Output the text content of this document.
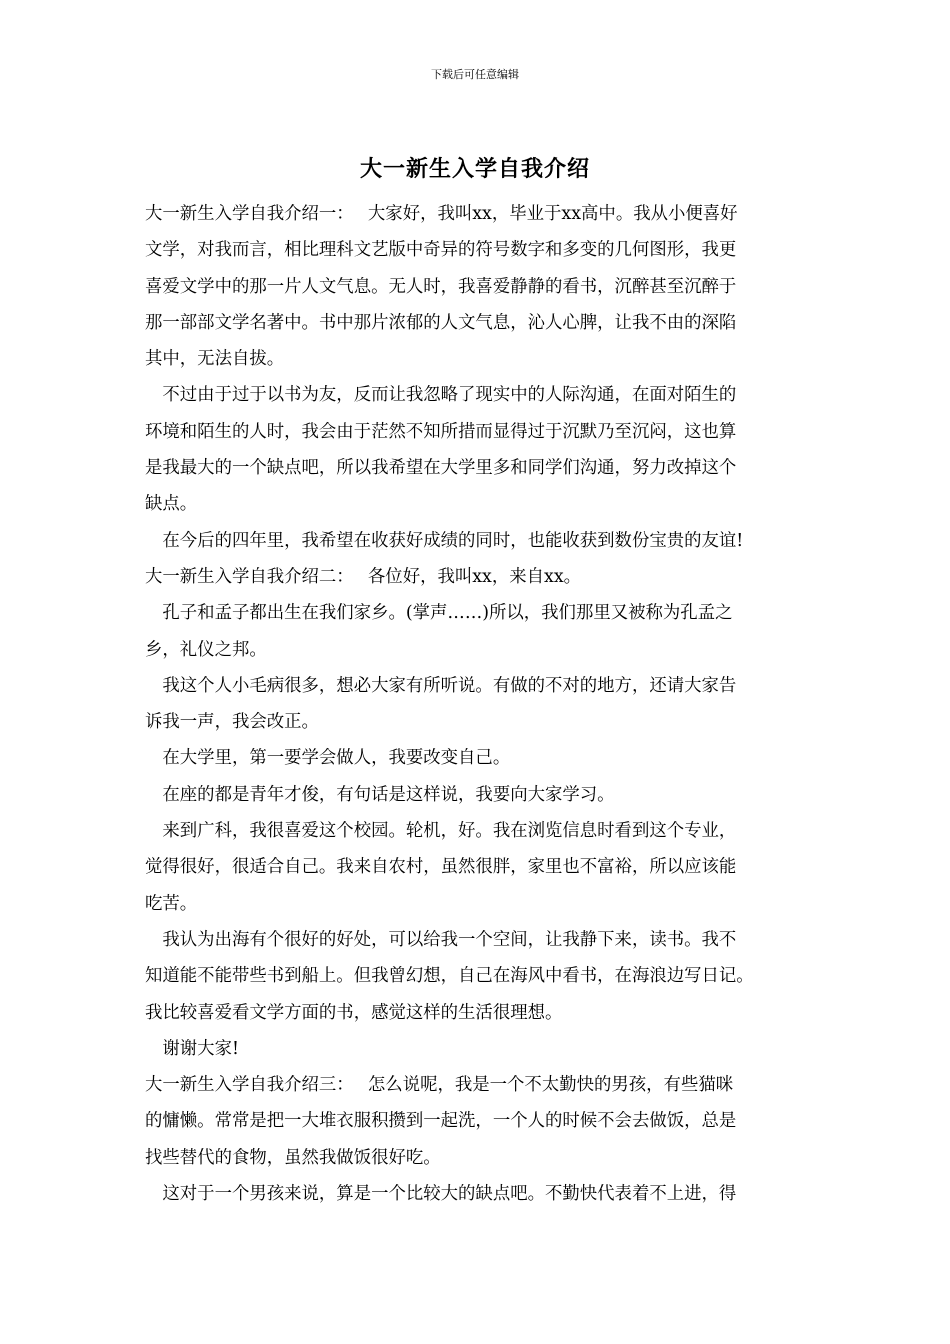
下载后可任意编辑
大一新生入学自我介绍

大一新生入学自我介绍一：　 大家好，我叫xx，毕业于xx高中。我从小便喜好

文学，对我而言，相比理科文艺版中奇异的符号数字和多变的几何图形，我更

喜爱文学中的那一片人文气息。无人时，我喜爱静静的看书，沉醉甚至沉醉于

那一部部文学名著中。书中那片浓郁的人文气息，沁人心脾，让我不由的深陷

其中，无法自拔。

　不过由于过于以书为友，反而让我忽略了现实中的人际沟通，在面对陌生的

环境和陌生的人时，我会由于茫然不知所措而显得过于沉默乃至沉闷，这也算

是我最大的一个缺点吧，所以我希望在大学里多和同学们沟通，努力改掉这个

缺点。

　在今后的四年里，我希望在收获好成绩的同时，也能收获到数份宝贵的友谊!

大一新生入学自我介绍二：　 各位好，我叫xx，来自xx。

　孔子和孟子都出生在我们家乡。(掌声……)所以，我们那里又被称为孔孟之

乡，礼仪之邦。

　我这个人小毛病很多，想必大家有所听说。有做的不对的地方，还请大家告

诉我一声，我会改正。

　在大学里，第一要学会做人，我要改变自己。

　在座的都是青年才俊，有句话是这样说，我要向大家学习。

　来到广科，我很喜爱这个校园。轮机，好。我在浏览信息时看到这个专业，

觉得很好，很适合自己。我来自农村，虽然很胖，家里也不富裕，所以应该能

吃苦。

　我认为出海有个很好的好处，可以给我一个空间，让我静下来，读书。我不

知道能不能带些书到船上。但我曾幻想，自己在海风中看书，在海浪边写日记。

我比较喜爱看文学方面的书，感觉这样的生活很理想。

　谢谢大家!

大一新生入学自我介绍三：　 怎么说呢，我是一个不太勤快的男孩，有些猫咪

的慵懒。常常是把一大堆衣服积攒到一起洗，一个人的时候不会去做饭，总是

找些替代的食物，虽然我做饭很好吃。

　这对于一个男孩来说，算是一个比较大的缺点吧。不勤快代表着不上进，得
